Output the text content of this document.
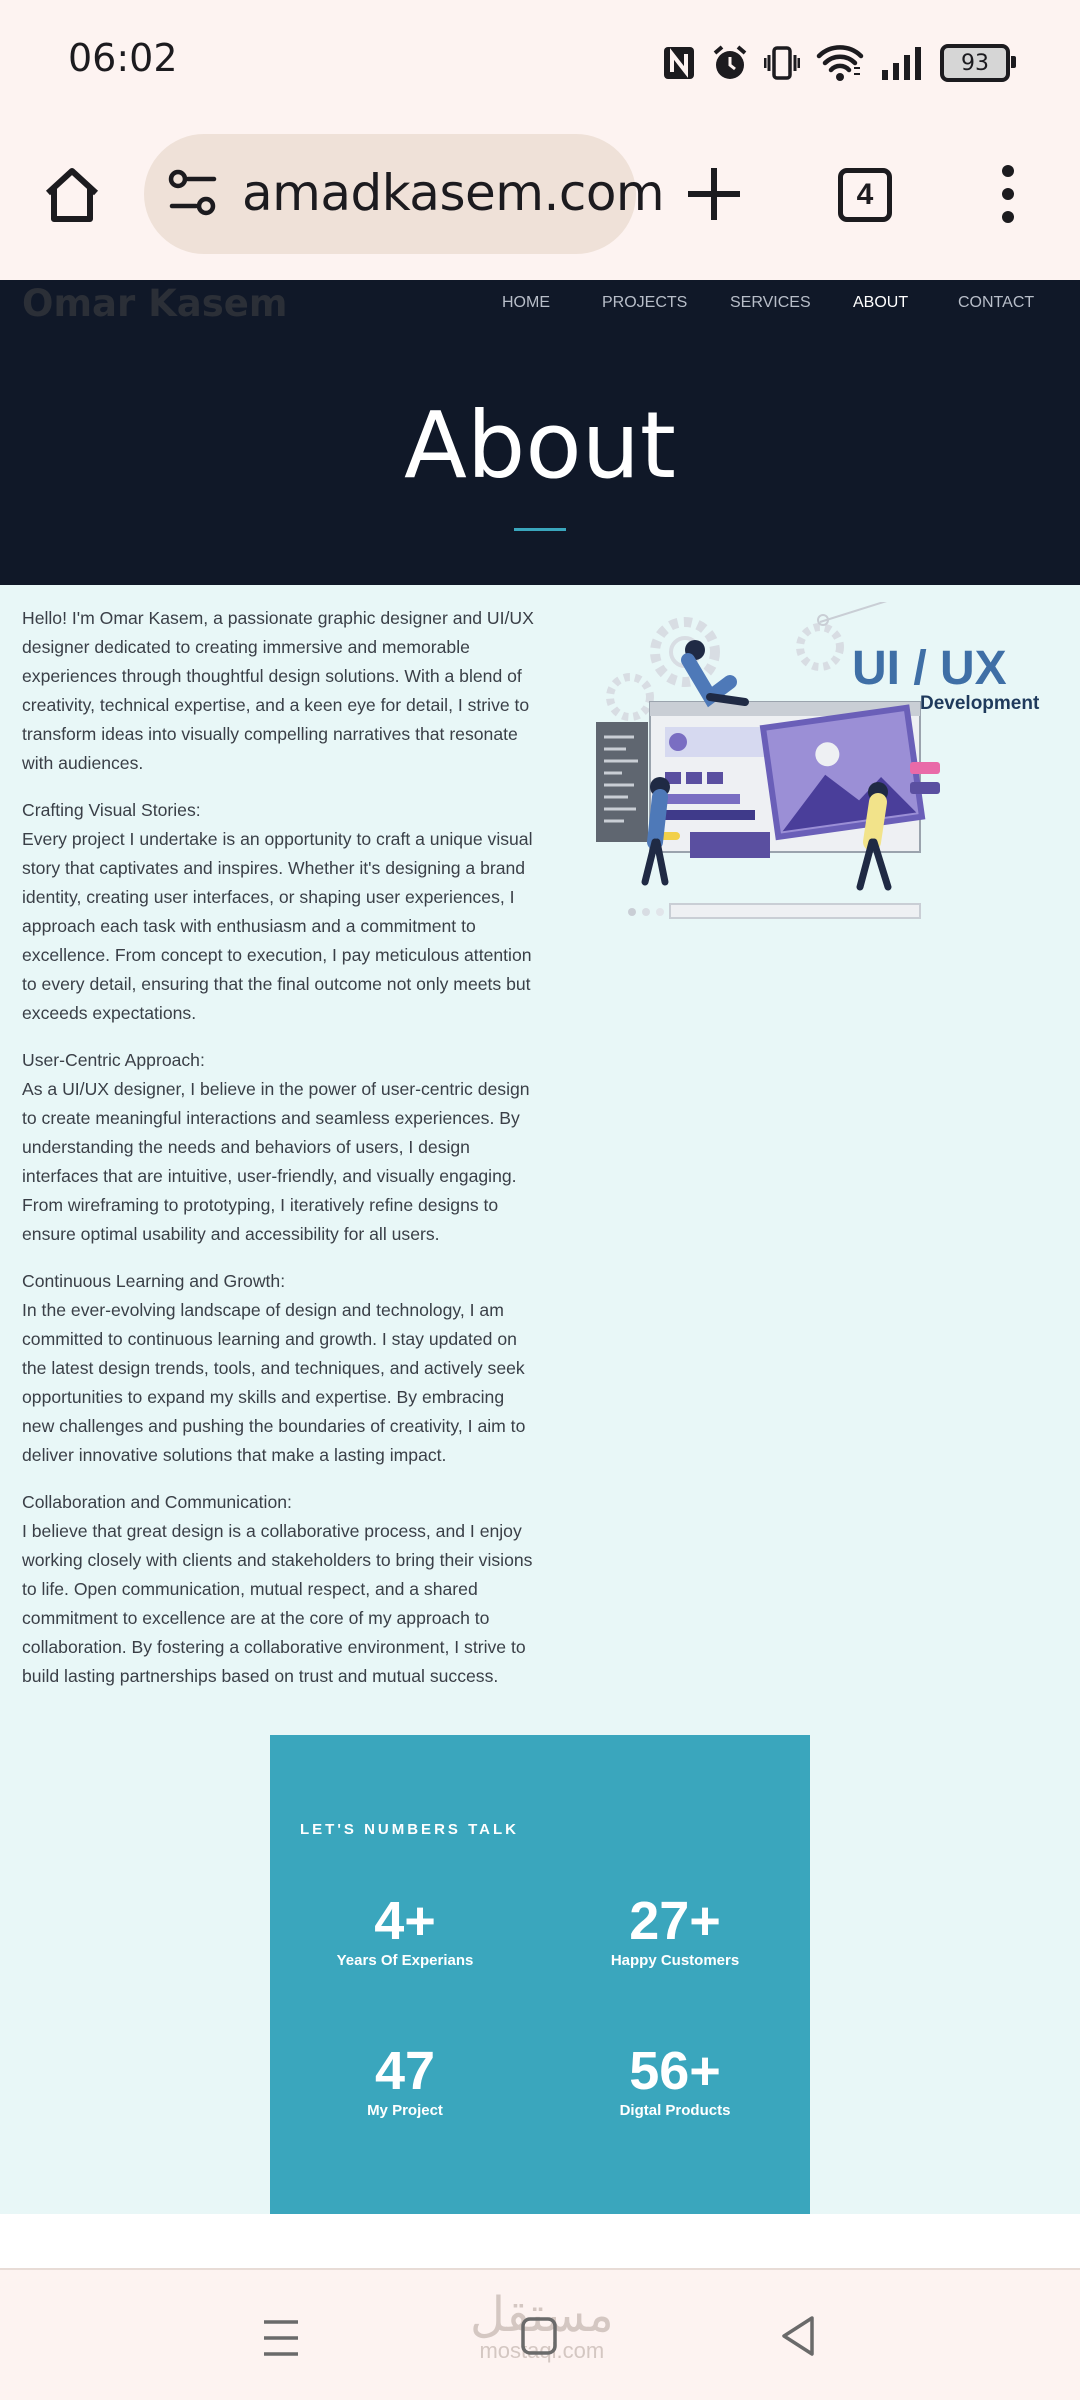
06:02	93
amadkasem.com	4
Omar Kasem	HOME	PROJECTS	SERVICES	ABOUT	CONTACT
About

Hello! I'm Omar Kasem, a passionate graphic designer and UI/UX designer dedicated to creating immersive and memorable experiences through thoughtful design solutions. With a blend of creativity, technical expertise, and a keen eye for detail, I strive to transform ideas into visually compelling narratives that resonate with audiences.

Crafting Visual Stories:
Every project I undertake is an opportunity to craft a unique visual story that captivates and inspires. Whether it's designing a brand identity, creating user interfaces, or shaping user experiences, I approach each task with enthusiasm and a commitment to excellence. From concept to execution, I pay meticulous attention to every detail, ensuring that the final outcome not only meets but exceeds expectations.

User-Centric Approach:
As a UI/UX designer, I believe in the power of user-centric design to create meaningful interactions and seamless experiences. By understanding the needs and behaviors of users, I design interfaces that are intuitive, user-friendly, and visually engaging. From wireframing to prototyping, I iteratively refine designs to ensure optimal usability and accessibility for all users.

Continuous Learning and Growth:
In the ever-evolving landscape of design and technology, I am committed to continuous learning and growth. I stay updated on the latest design trends, tools, and techniques, and actively seek opportunities to expand my skills and expertise. By embracing new challenges and pushing the boundaries of creativity, I aim to deliver innovative solutions that make a lasting impact.

Collaboration and Communication:
I believe that great design is a collaborative process, and I enjoy working closely with clients and stakeholders to bring their visions to life. Open communication, mutual respect, and a shared commitment to excellence are at the core of my approach to collaboration. By fostering a collaborative environment, I strive to build lasting partnerships based on trust and mutual success.

UI / UX
Development
LET'S NUMBERS TALK
4+
Years Of Experians
27+
Happy Customers
47
My Project
56+
Digtal Products
مستقل
mostaql.com
